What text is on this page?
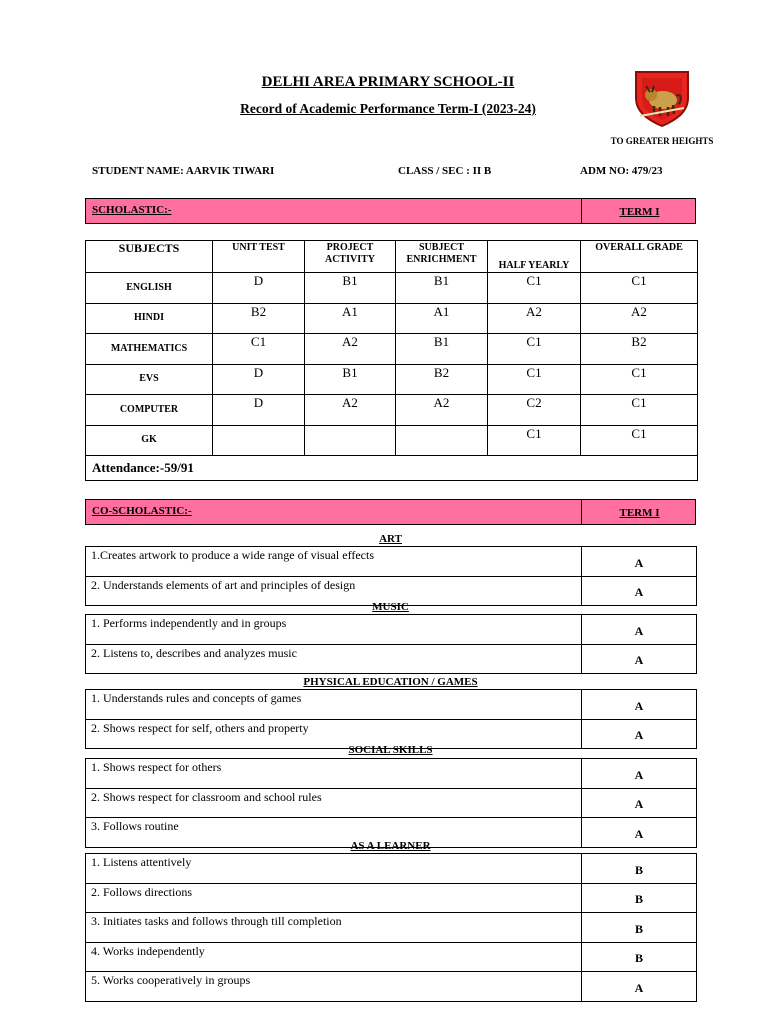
DELHI AREA PRIMARY SCHOOL-II
Record of Academic Performance Term-I (2023-24)
TO GREATER HEIGHTS
STUDENT NAME: AARVIK TIWARI	CLASS / SEC : II B	ADM NO: 479/23
SCHOLASTIC:-	TERM I
SUBJECTS	UNIT TEST	PROJECT ACTIVITY	SUBJECT ENRICHMENT	HALF YEARLY	OVERALL GRADE
ENGLISH	D	B1	B1	C1	C1
HINDI	B2	A1	A1	A2	A2
MATHEMATICS	C1	A2	B1	C1	B2
EVS	D	B1	B2	C1	C1
COMPUTER	D	A2	A2	C2	C1
GK				C1	C1
Attendance:-59/91					
CO-SCHOLASTIC:-	TERM I
ART
1.Creates artwork to produce a wide range of visual effects	A
2. Understands elements of art and principles of design	A
MUSIC
1. Performs independently and in groups	A
2. Listens to, describes and analyzes music	A
PHYSICAL EDUCATION / GAMES
1. Understands rules and concepts of games	A
2. Shows respect for self, others and property	A
SOCIAL SKILLS
1. Shows respect for others	A
2. Shows respect for classroom and school rules	A
3. Follows routine	A
AS A LEARNER
1. Listens attentively	B
2. Follows directions	B
3. Initiates tasks and follows through till completion	B
4. Works independently	B
5. Works cooperatively in groups	A
